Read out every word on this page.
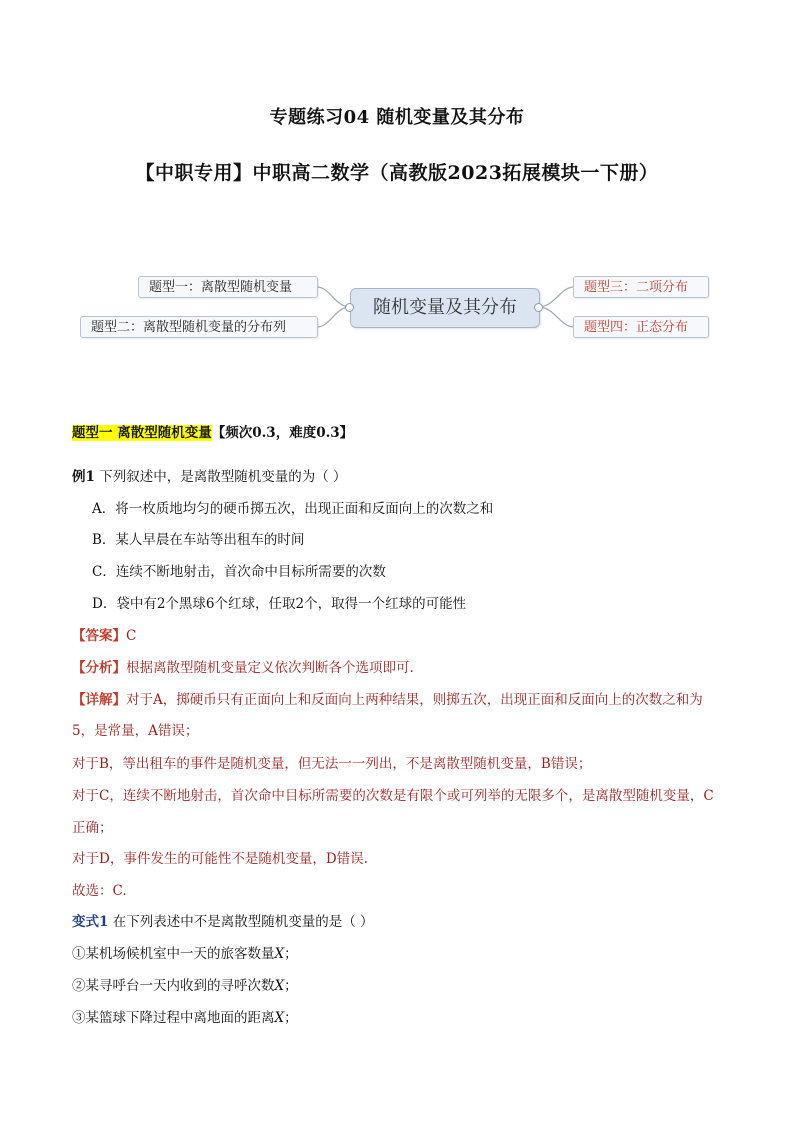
专题练习04 随机变量及其分布
【中职专用】中职高二数学（高教版2023拓展模块一下册）
题型一：离散型随机变量
题型二：离散型随机变量的分布列
随机变量及其分布
题型三：二项分布
题型四：正态分布
题型一 离散型随机变量【频次0.3，难度0.3】
例1 下列叙述中，是离散型随机变量的为（ ）
A．将一枚质地均匀的硬币掷五次，出现正面和反面向上的次数之和
B．某人早晨在车站等出租车的时间
C．连续不断地射击，首次命中目标所需要的次数
D．袋中有2个黑球6个红球，任取2个，取得一个红球的可能性
【答案】C
【分析】根据离散型随机变量定义依次判断各个选项即可.
【详解】对于A，掷硬币只有正面向上和反面向上两种结果，则掷五次，出现正面和反面向上的次数之和为
5，是常量，A错误；
对于B，等出租车的事件是随机变量，但无法一一列出，不是离散型随机变量，B错误；
对于C，连续不断地射击，首次命中目标所需要的次数是有限个或可列举的无限多个，是离散型随机变量，C
正确；
对于D，事件发生的可能性不是随机变量，D错误.
故选：C.
变式1 在下列表述中不是离散型随机变量的是（ ）
①某机场候机室中一天的旅客数量X；
②某寻呼台一天内收到的寻呼次数X；
③某篮球下降过程中离地面的距离X；
